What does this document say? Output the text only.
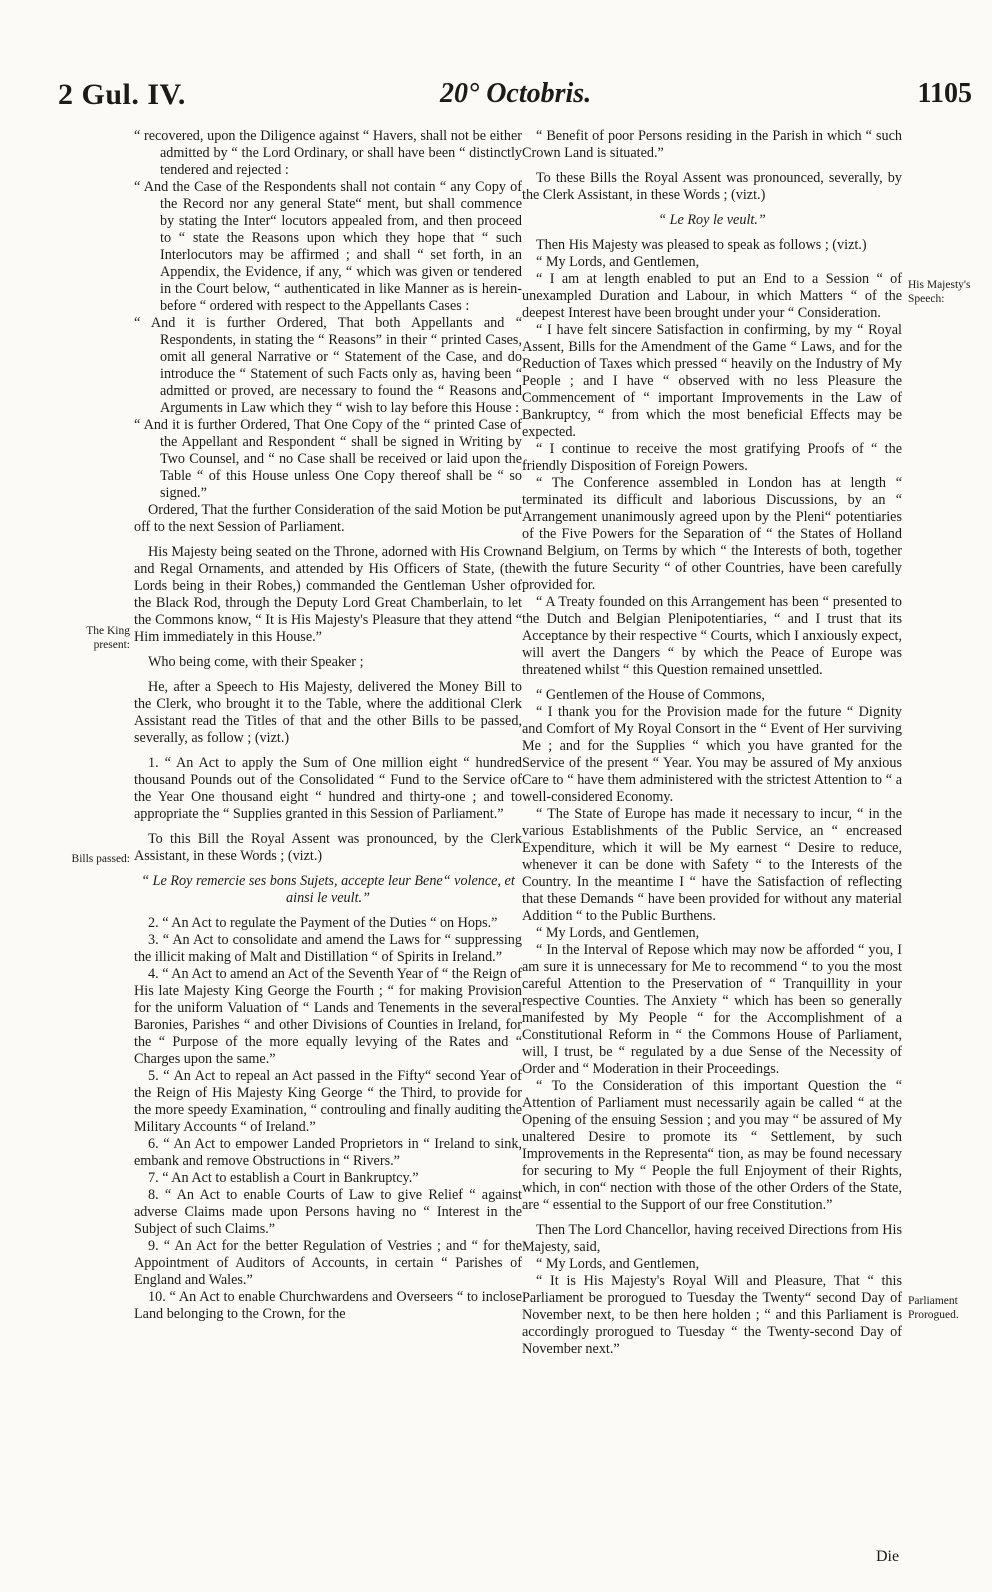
2 Gul. IV.	20° Octobris.	1105
The King present:
Bills passed:
His Majesty's Speech:
Parliament Prorogued.

“ recovered, upon the Diligence against “ Havers, shall not be either admitted by “ the Lord Ordinary, or shall have been “ distinctly tendered and rejected :

“ And the Case of the Respondents shall not contain “ any Copy of the Record nor any general State“ ment, but shall commence by stating the Inter“ locutors appealed from, and then proceed to “ state the Reasons upon which they hope that “ such Interlocutors may be affirmed ; and shall “ set forth, in an Appendix, the Evidence, if any, “ which was given or tendered in the Court below, “ authenticated in like Manner as is herein-before “ ordered with respect to the Appellants Cases :

“ And it is further Ordered, That both Appellants and “ Respondents, in stating the “ Reasons” in their “ printed Cases, omit all general Narrative or “ Statement of the Case, and do introduce the “ Statement of such Facts only as, having been “ admitted or proved, are necessary to found the “ Reasons and Arguments in Law which they “ wish to lay before this House :

“ And it is further Ordered, That One Copy of the “ printed Case of the Appellant and Respondent “ shall be signed in Writing by Two Counsel, and “ no Case shall be received or laid upon the Table “ of this House unless One Copy thereof shall be “ so signed.”

Ordered, That the further Consideration of the said Motion be put off to the next Session of Parliament.

His Majesty being seated on the Throne, adorned with His Crown and Regal Ornaments, and attended by His Officers of State, (the Lords being in their Robes,) commanded the Gentleman Usher of the Black Rod, through the Deputy Lord Great Chamberlain, to let the Commons know, “ It is His Majesty's Pleasure that they attend “ Him immediately in this House.”

Who being come, with their Speaker ;

He, after a Speech to His Majesty, delivered the Money Bill to the Clerk, who brought it to the Table, where the additional Clerk Assistant read the Titles of that and the other Bills to be passed, severally, as follow ; (vizt.)

1. “ An Act to apply the Sum of One million eight “ hundred thousand Pounds out of the Consolidated “ Fund to the Service of the Year One thousand eight “ hundred and thirty-one ; and to appropriate the “ Supplies granted in this Session of Parliament.”

To this Bill the Royal Assent was pronounced, by the Clerk Assistant, in these Words ; (vizt.)

“ Le Roy remercie ses bons Sujets, accepte leur Bene“ volence, et ainsi le veult.”

2. “ An Act to regulate the Payment of the Duties “ on Hops.”

3. “ An Act to consolidate and amend the Laws for “ suppressing the illicit making of Malt and Distillation “ of Spirits in Ireland.”

4. “ An Act to amend an Act of the Seventh Year of “ the Reign of His late Majesty King George the Fourth ; “ for making Provision for the uniform Valuation of “ Lands and Tenements in the several Baronies, Parishes “ and other Divisions of Counties in Ireland, for the “ Purpose of the more equally levying of the Rates and “ Charges upon the same.”

5. “ An Act to repeal an Act passed in the Fifty“ second Year of the Reign of His Majesty King George “ the Third, to provide for the more speedy Examination, “ controuling and finally auditing the Military Accounts “ of Ireland.”

6. “ An Act to empower Landed Proprietors in “ Ireland to sink, embank and remove Obstructions in “ Rivers.”

7. “ An Act to establish a Court in Bankruptcy.”

8. “ An Act to enable Courts of Law to give Relief “ against adverse Claims made upon Persons having no “ Interest in the Subject of such Claims.”

9. “ An Act for the better Regulation of Vestries ; and “ for the Appointment of Auditors of Accounts, in certain “ Parishes of England and Wales.”

10. “ An Act to enable Churchwardens and Overseers “ to inclose Land belonging to the Crown, for the

“ Benefit of poor Persons residing in the Parish in which “ such Crown Land is situated.”

To these Bills the Royal Assent was pronounced, severally, by the Clerk Assistant, in these Words ; (vizt.)

“ Le Roy le veult.”

Then His Majesty was pleased to speak as follows ; (vizt.)

“ My Lords, and Gentlemen,

“ I am at length enabled to put an End to a Session “ of unexampled Duration and Labour, in which Matters “ of the deepest Interest have been brought under your “ Consideration.

“ I have felt sincere Satisfaction in confirming, by my “ Royal Assent, Bills for the Amendment of the Game “ Laws, and for the Reduction of Taxes which pressed “ heavily on the Industry of My People ; and I have “ observed with no less Pleasure the Commencement of “ important Improvements in the Law of Bankruptcy, “ from which the most beneficial Effects may be expected.

“ I continue to receive the most gratifying Proofs of “ the friendly Disposition of Foreign Powers.

“ The Conference assembled in London has at length “ terminated its difficult and laborious Discussions, by an “ Arrangement unanimously agreed upon by the Pleni“ potentiaries of the Five Powers for the Separation of “ the States of Holland and Belgium, on Terms by which “ the Interests of both, together with the future Security “ of other Countries, have been carefully provided for.

“ A Treaty founded on this Arrangement has been “ presented to the Dutch and Belgian Plenipotentiaries, “ and I trust that its Acceptance by their respective “ Courts, which I anxiously expect, will avert the Dangers “ by which the Peace of Europe was threatened whilst “ this Question remained unsettled.

“ Gentlemen of the House of Commons,

“ I thank you for the Provision made for the future “ Dignity and Comfort of My Royal Consort in the “ Event of Her surviving Me ; and for the Supplies “ which you have granted for the Service of the present “ Year. You may be assured of My anxious Care to “ have them administered with the strictest Attention to “ a well-considered Economy.

“ The State of Europe has made it necessary to incur, “ in the various Establishments of the Public Service, an “ encreased Expenditure, which it will be My earnest “ Desire to reduce, whenever it can be done with Safety “ to the Interests of the Country. In the meantime I “ have the Satisfaction of reflecting that these Demands “ have been provided for without any material Addition “ to the Public Burthens.

“ My Lords, and Gentlemen,

“ In the Interval of Repose which may now be afforded “ you, I am sure it is unnecessary for Me to recommend “ to you the most careful Attention to the Preservation of “ Tranquillity in your respective Counties. The Anxiety “ which has been so generally manifested by My People “ for the Accomplishment of a Constitutional Reform in “ the Commons House of Parliament, will, I trust, be “ regulated by a due Sense of the Necessity of Order and “ Moderation in their Proceedings.

“ To the Consideration of this important Question the “ Attention of Parliament must necessarily again be called “ at the Opening of the ensuing Session ; and you may “ be assured of My unaltered Desire to promote its “ Settlement, by such Improvements in the Representa“ tion, as may be found necessary for securing to My “ People the full Enjoyment of their Rights, which, in con“ nection with those of the other Orders of the State, are “ essential to the Support of our free Constitution.”

Then The Lord Chancellor, having received Directions from His Majesty, said,

“ My Lords, and Gentlemen,

“ It is His Majesty's Royal Will and Pleasure, That “ this Parliament be prorogued to Tuesday the Twenty“ second Day of November next, to be then here holden ; “ and this Parliament is accordingly prorogued to Tuesday “ the Twenty-second Day of November next.”

Die
